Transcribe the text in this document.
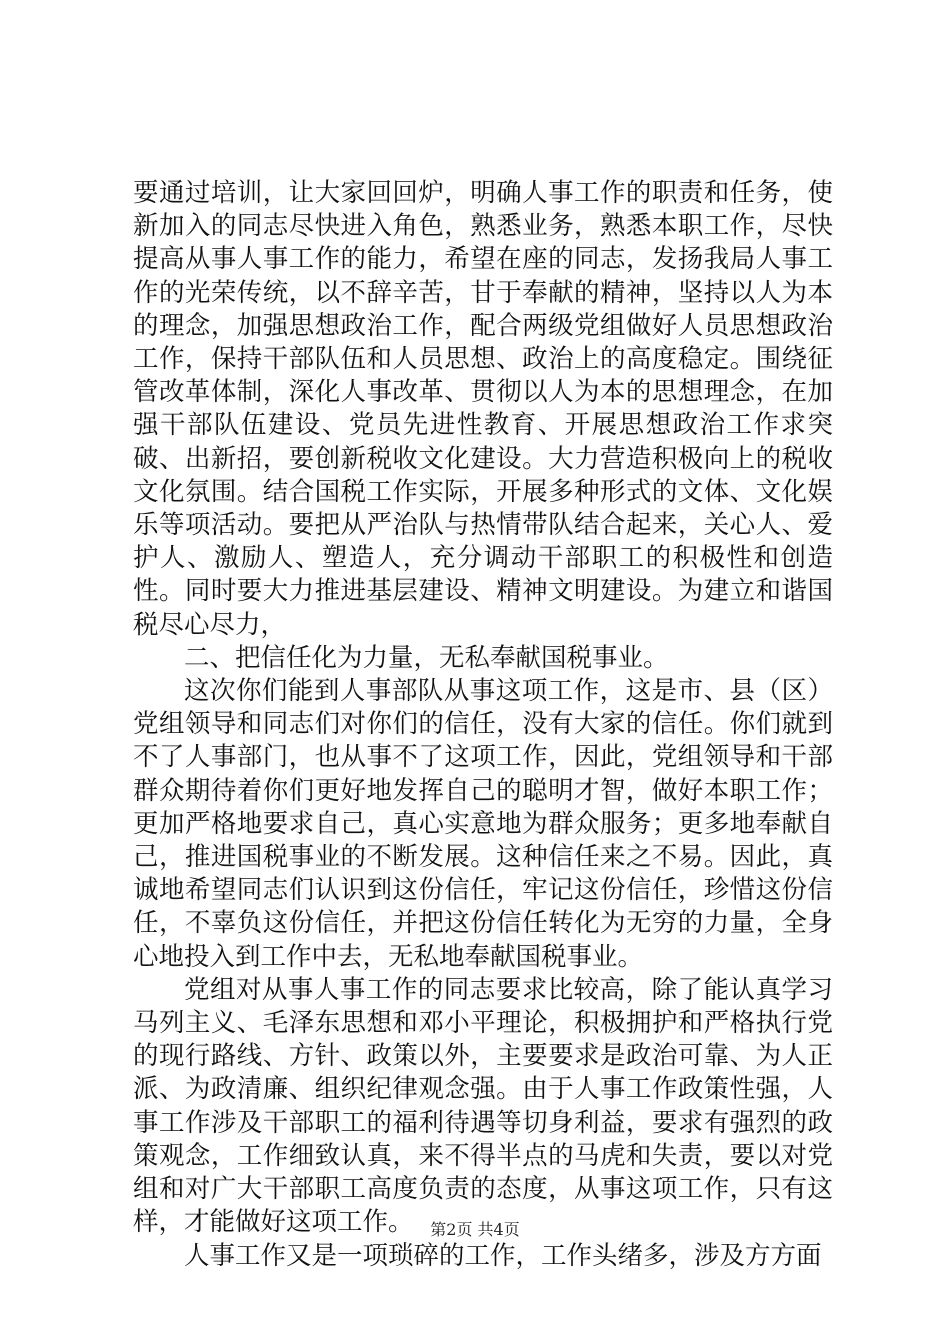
要通过培训，让大家回回炉，明确人事工作的职责和任务，使新加入的同志尽快进入角色，熟悉业务，熟悉本职工作，尽快提高从事人事工作的能力，希望在座的同志，发扬我局人事工作的光荣传统，以不辞辛苦，甘于奉献的精神，坚持以人为本的理念，加强思想政治工作，配合两级党组做好人员思想政治工作，保持干部队伍和人员思想、政治上的高度稳定。围绕征管改革体制，深化人事改革、贯彻以人为本的思想理念，在加强干部队伍建设、党员先进性教育、开展思想政治工作求突破、出新招，要创新税收文化建设。大力营造积极向上的税收文化氛围。结合国税工作实际，开展多种形式的文体、文化娱乐等项活动。要把从严治队与热情带队结合起来，关心人、爱护人、激励人、塑造人，充分调动干部职工的积极性和创造性。同时要大力推进基层建设、精神文明建设。为建立和谐国税尽心尽力，

二、把信任化为力量，无私奉献国税事业。

这次你们能到人事部队从事这项工作，这是市、县（区）党组领导和同志们对你们的信任，没有大家的信任。你们就到不了人事部门，也从事不了这项工作，因此，党组领导和干部群众期待着你们更好地发挥自己的聪明才智，做好本职工作；更加严格地要求自己，真心实意地为群众服务；更多地奉献自己，推进国税事业的不断发展。这种信任来之不易。因此，真诚地希望同志们认识到这份信任，牢记这份信任，珍惜这份信任，不辜负这份信任，并把这份信任转化为无穷的力量，全身心地投入到工作中去，无私地奉献国税事业。

党组对从事人事工作的同志要求比较高，除了能认真学习马列主义、毛泽东思想和邓小平理论，积极拥护和严格执行党的现行路线、方针、政策以外，主要要求是政治可靠、为人正派、为政清廉、组织纪律观念强。由于人事工作政策性强，人事工作涉及干部职工的福利待遇等切身利益，要求有强烈的政策观念，工作细致认真，来不得半点的马虎和失责，要以对党组和对广大干部职工高度负责的态度，从事这项工作，只有这样，才能做好这项工作。

人事工作又是一项琐碎的工作，工作头绪多，涉及方方面

第2页 共4页
